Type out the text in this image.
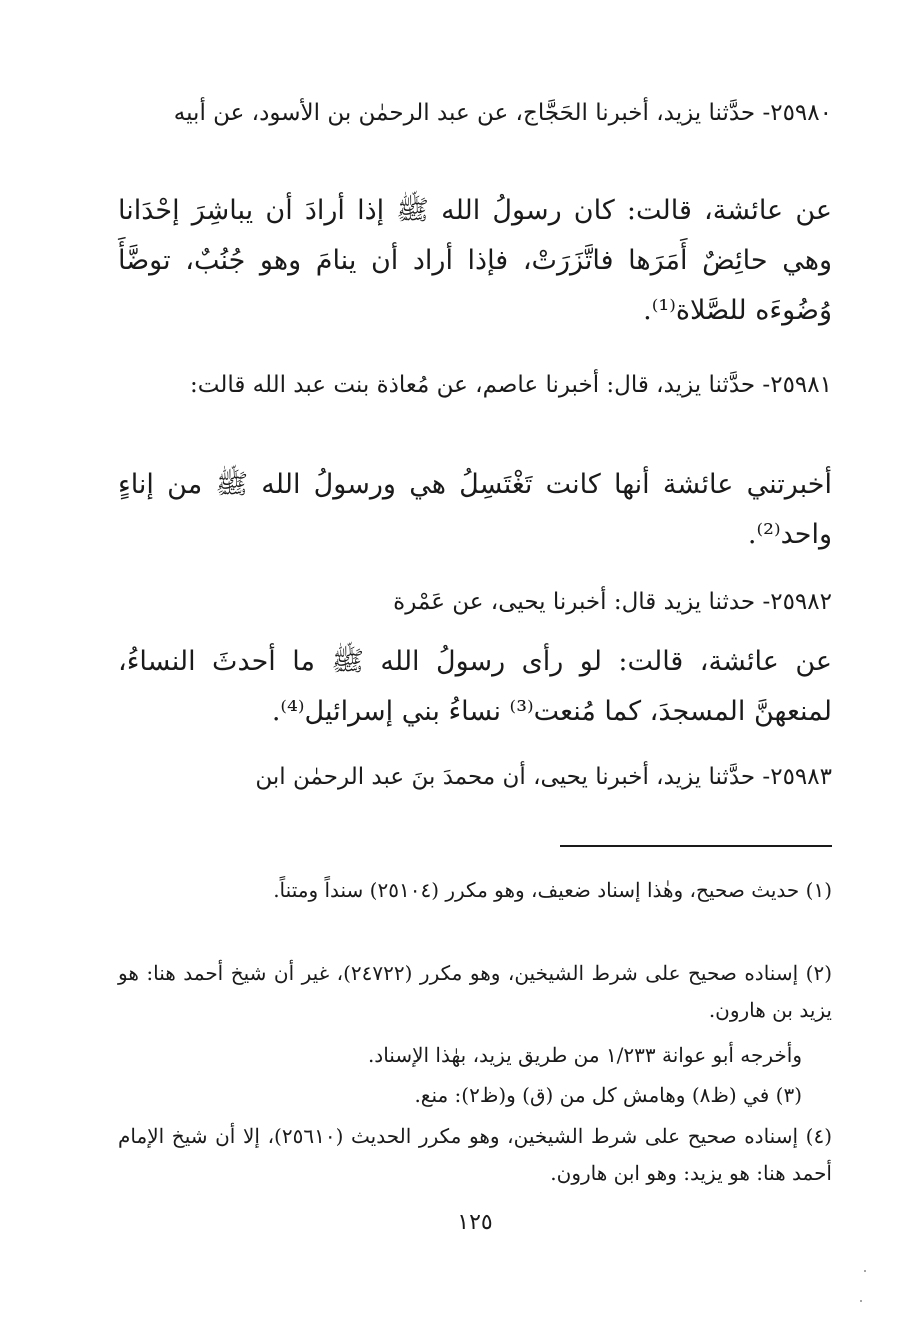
٢٥٩٨٠- حدَّثنا يزيد، أخبرنا الحَجَّاج، عن عبد الرحمٰن بن الأسود، عن أبيه
عن عائشة، قالت: كان رسولُ الله ﷺ إذا أرادَ أن يباشِرَ إحْدَانا وهي حائِضٌ أَمَرَها فاتَّزَرَتْ، فإذا أراد أن ينامَ وهو جُنُبٌ، توضَّأَ وُضُوءَه للصَّلاة⁽¹⁾.
٢٥٩٨١- حدَّثنا يزيد، قال: أخبرنا عاصم، عن مُعاذة بنت عبد الله قالت:
أخبرتني عائشة أنها كانت تَغْتَسِلُ هي ورسولُ الله ﷺ من إناءٍ واحد⁽²⁾.
٢٥٩٨٢- حدثنا يزيد قال: أخبرنا يحيى، عن عَمْرة
عن عائشة، قالت: لو رأى رسولُ الله ﷺ ما أحدثَ النساءُ، لمنعهنَّ المسجدَ، كما مُنعت⁽³⁾ نساءُ بني إسرائيل⁽⁴⁾.
٢٥٩٨٣- حدَّثنا يزيد، أخبرنا يحيى، أن محمدَ بنَ عبد الرحمٰن ابن
(١) حديث صحيح، وهٰذا إسناد ضعيف، وهو مكرر (٢٥١٠٤) سنداً ومتناً.
(٢) إسناده صحيح على شرط الشيخين، وهو مكرر (٢٤٧٢٢)، غير أن شيخ أحمد هنا: هو يزيد بن هارون.
وأخرجه أبو عوانة ١/٢٣٣ من طريق يزيد، بهٰذا الإسناد.
(٣) في (ظ٨) وهامش كل من (ق) و(ظ٢): منع.
(٤) إسناده صحيح على شرط الشيخين، وهو مكرر الحديث (٢٥٦١٠)، إلا أن شيخ الإمام أحمد هنا: هو يزيد: وهو ابن هارون.
١٢٥
